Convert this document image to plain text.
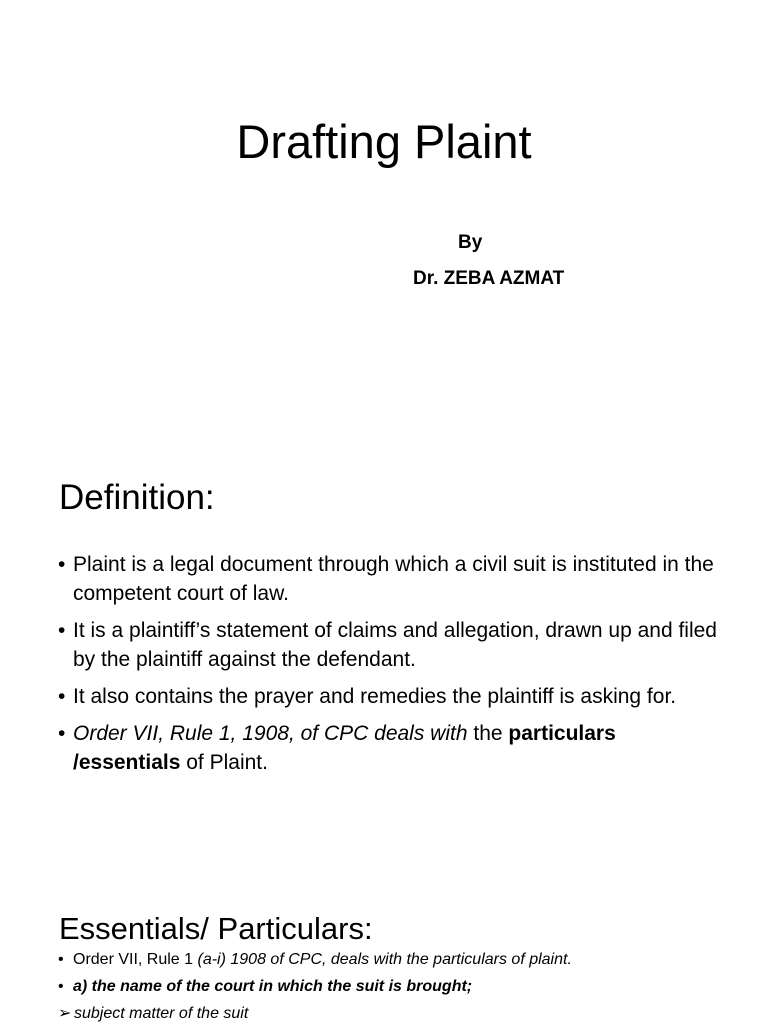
Drafting Plaint
By
Dr. ZEBA AZMAT
Definition:
• Plaint is a legal document through which a civil suit is instituted in the competent court of law.
• It is a plaintiff’s statement of claims and allegation, drawn up and filed by the plaintiff against the defendant.
• It also contains the prayer and remedies the plaintiff is asking for.
• Order VII, Rule 1, 1908, of CPC deals with the particulars /essentials of Plaint.
Essentials/ Particulars:
• Order VII, Rule 1 (a-i) 1908 of CPC, deals with the particulars of plaint.
• a) the name of the court in which the suit is brought;
➢ subject matter of the suit
